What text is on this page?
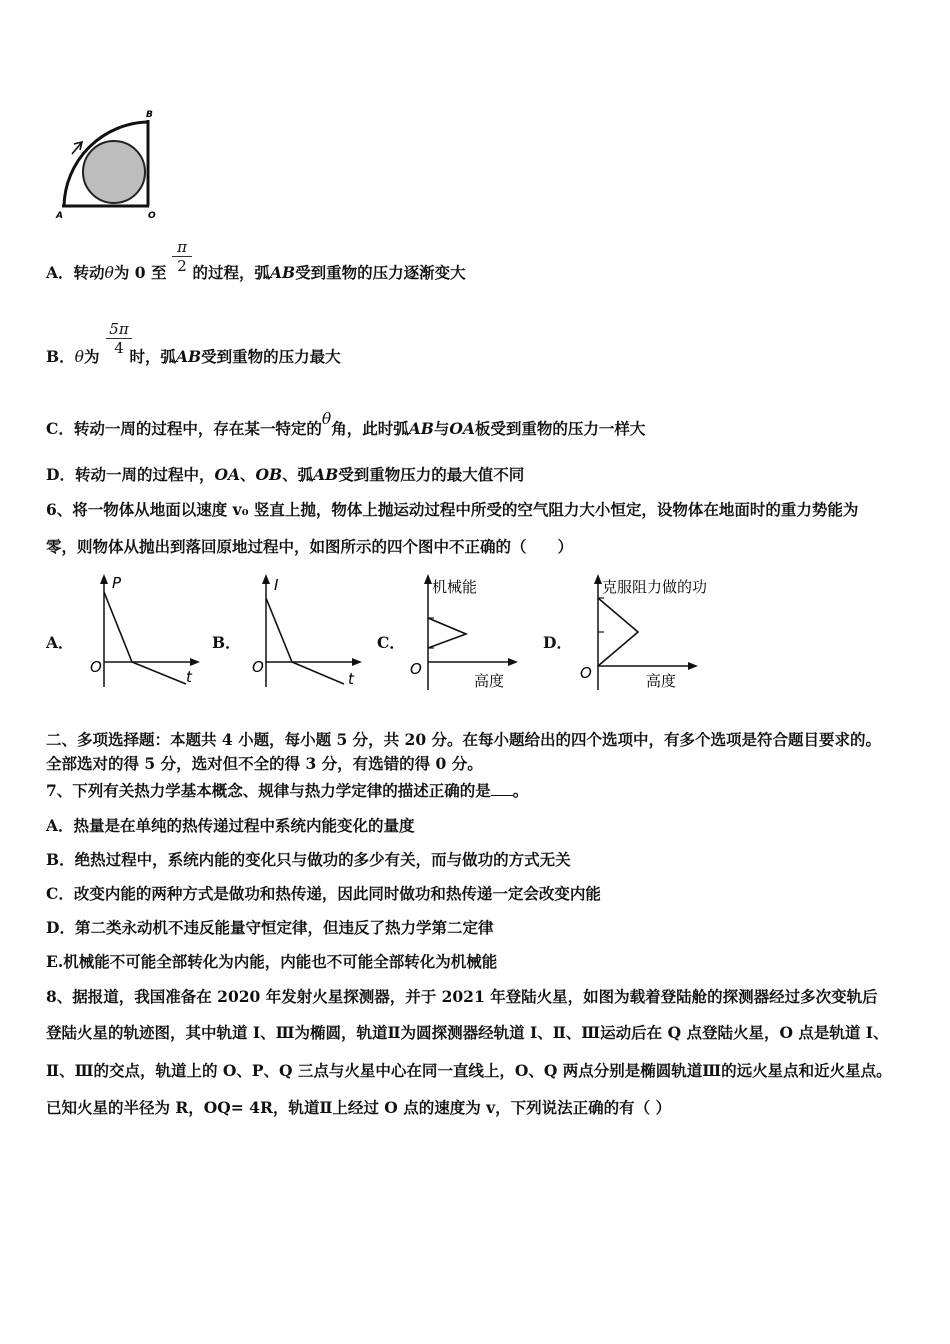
B
A	O
A．转动θ为 0 至 的过程，弧AB受到重物的压力逐渐变大
$\frac{\pi}{2}$
B．θ为 时，弧AB受到重物的压力最大
$\frac{5\pi}{4}$
C．转动一周的过程中，存在某一特定的θ角，此时弧AB与OA板受到重物的压力一样大
D．转动一周的过程中，OA、OB、弧AB受到重物压力的最大值不同
6、将一物体从地面以速度 v₀ 竖直上抛，物体上抛运动过程中所受的空气阻力大小恒定，设物体在地面时的重力势能为
零，则物体从抛出到落回原地过程中，如图所示的四个图中不正确的（　　）
A．	B．	C．	D．
P
t
O
I
t
O
机械能
高度
O
克服阻力做的功
高度
O
二、多项选择题：本题共 4 小题，每小题 5 分，共 20 分。在每小题给出的四个选项中，有多个选项是符合题目要求的。
全部选对的得 5 分，选对但不全的得 3 分，有选错的得 0 分。
7、下列有关热力学基本概念、规律与热力学定律的描述正确的是 。
A．热量是在单纯的热传递过程中系统内能变化的量度
B．绝热过程中，系统内能的变化只与做功的多少有关，而与做功的方式无关
C．改变内能的两种方式是做功和热传递，因此同时做功和热传递一定会改变内能
D．第二类永动机不违反能量守恒定律，但违反了热力学第二定律
E.机械能不可能全部转化为内能，内能也不可能全部转化为机械能
8、据报道，我国准备在 2020 年发射火星探测器，并于 2021 年登陆火星，如图为载着登陆舱的探测器经过多次变轨后
登陆火星的轨迹图，其中轨道 I、Ⅲ为椭圆，轨道Ⅱ为圆探测器经轨道 I、Ⅱ、Ⅲ运动后在 Q 点登陆火星，O 点是轨道 I、
Ⅱ、Ⅲ的交点，轨道上的 O、P、Q 三点与火星中心在同一直线上，O、Q 两点分别是椭圆轨道Ⅲ的远火星点和近火星点。
已知火星的半径为 R，OQ= 4R，轨道Ⅱ上经过 O 点的速度为 v，下列说法正确的有（ ）
